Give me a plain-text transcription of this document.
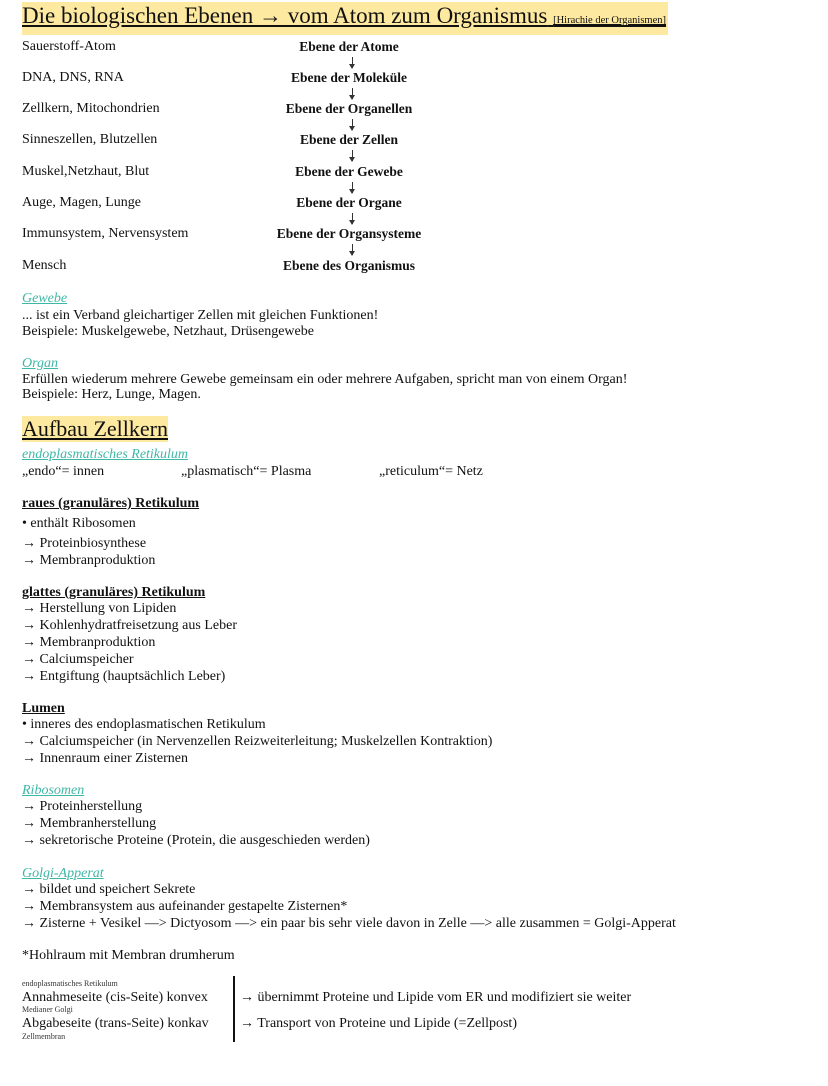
Die biologischen Ebenen → vom Atom zum Organismus [Hirachie der Organismen]
Sauerstoff-Atom	Ebene der Atome
DNA, DNS, RNA	Ebene der Moleküle
Zellkern, Mitochondrien	Ebene der Organellen
Sinneszellen, Blutzellen	Ebene der Zellen
Muskel,Netzhaut, Blut	Ebene der Gewebe
Auge, Magen, Lunge	Ebene der Organe
Immunsystem, Nervensystem	Ebene der Organsysteme
Mensch	Ebene des Organismus
Gewebe
... ist ein Verband gleichartiger Zellen mit gleichen Funktionen!
Beispiele: Muskelgewebe, Netzhaut, Drüsengewebe
Organ
Erfüllen wiederum mehrere Gewebe gemeinsam ein oder mehrere Aufgaben, spricht man von einem Organ!
Beispiele: Herz, Lunge, Magen.
Aufbau Zellkern
endoplasmatisches Retikulum
„endo“= innen	„plasmatisch“= Plasma	„reticulum“= Netz
raues (granuläres) Retikulum
• enthält Ribosomen
→ Proteinbiosynthese
→ Membranproduktion
glattes (granuläres) Retikulum
→ Herstellung von Lipiden
→ Kohlenhydratfreisetzung aus Leber
→ Membranproduktion
→ Calciumspeicher
→ Entgiftung (hauptsächlich Leber)
Lumen
• inneres des endoplasmatischen Retikulum
→ Calciumspeicher (in Nervenzellen Reizweiterleitung; Muskelzellen Kontraktion)
→ Innenraum einer Zisternen
Ribosomen
→ Proteinherstellung
→ Membranherstellung
→ sekretorische Proteine (Protein, die ausgeschieden werden)
Golgi-Apperat
→ bildet und speichert Sekrete
→ Membransystem aus aufeinander gestapelte Zisternen*
→ Zisterne + Vesikel —> Dictyosom —> ein paar bis sehr viele davon in Zelle —> alle zusammen = Golgi-Apperat
*Hohlraum mit Membran drumherum
endoplasmatisches Retikulum
Annahmeseite (cis-Seite) konvex
Medianer Golgi
Abgabeseite (trans-Seite) konkav
Zellmembran
→ übernimmt Proteine und Lipide vom ER und modifiziert sie weiter
→ Transport von Proteine und Lipide (=Zellpost)
